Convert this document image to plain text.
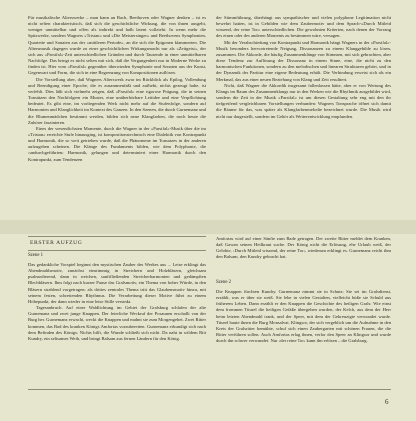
Für musikalische Alterswerke – man kann an Bach, Beethoven oder Wagner denken – ist es nicht selten charakteristisch, daß sich die geschichtliche Wirkung, die von ihnen ausgeht, weniger unmittelbar und offen als indirekt und halb latent vollzieht. In wenn mehr die Spitzwerke, sondern Wagners »Tristan« und »Die Meistersinger« und Beethovens Symphonien, Quartette und Sonaten aus der »mittleren Periode«, an die sich die Epigonen klammerten. Die Altersmusik dagegen wurde zu einer geschichtlichen Wirkungsmacht nur als »Zeitgeist«, der sich aus »Parsifal«-Zeit unterschiedlichen Gründen und durch Tausende in einer unmittelbaren Nachfolge. Das bringt es nicht selten mit sich, daß die Vergangenheit nur in Moderne Werke zu finden ist. Hier vom »Parsifal« gegenüber überwinden Symphonie und Sonaten aus der Kunst, Gegenwart und Form, die sich in eine Begrenzung von Kompositionen auflösen.

Die Vorstellung aber, daß Wagners Alterswerk zwar im Rückblick als Epilog, Vollendung und Beendigung einer Epoche, die es zusammenfaßt und aufhebt, nichts gezeugt habe, ist verfehlt. Dies läßt sich vielmehr zeigen, daß »Parsifal« eine rigorose Prägung, die in seinen Tonsätzen den Nachfolgern ein Muster, eine unüberhörbare Leitidee und eine Verpflichtung bedeutet. Es gibt eine, im vorliegenden Werk nicht mehr auf die Stufenfolge, sondern auf Harmonien und Klanglichkeit im Kontext des Ganzen. In den Szenen, die durch Gurnemanz und die Blumenmädchen bestimmt werden, bilden sich neue Klangfarben, die noch heute die Zuhörer faszinieren.

Eines der wesentlichsten Momente, durch die Wagner in der »Parsifal«-Musik über die im »Tristan« erreichte Stufe hinausging, ist kompositionstechnisch eine Dialektik von Kontrapunkt und Harmonik, die so weit getrieben wurde, daß die Phänomene im Tonsatzes in der anderen aufzugehen scheinen. Die Klänge des Fundaments bilden, wie dem Polyphonie, die ›undurchgeführten‹ Harmonik, gelungen und determiniert einer Harmonik durch den Kontrapunkt, zum Tendenzen

der Stimmführung, überhängt aus sympathischer und vielen polyphone Legitimation nicht bewehrt hatten, ist in Gebilden wie dem Zaubermotiv und dem Sprach-»Durch Mitleid wissend, der reine Tor« unterschiedlichen. Die gewohnten Kriterien, nach denen der Vorrang des einen oder des anderen Moments zu bestimmen wäre, versagen.

Mit der Verabschiedung von Kontrapunkt und Harmonik hängt Wagners in der »Parsifal«-Musik besonders hervortretende Neigung, Dissonanzen zu einem Klanggebilde zu lösen, zusammen. Die Akkorde, die häufig Zusammenklänge von Stimmen, mit sich gebrachten, aber diese Tendenz zur Auflösung der Dissonanz in einem Sinne, eine, die nicht zu den harmonischen Funktionen, sondern zu den melodischen und linearen Strukturen gehört, und in der Dynamik der Partitur eine eigene Bedeutung erhält. Die Verbindung erweist sich als ein Merkmal, das aus einer neuen Beziehung von Klang und Zeit resultiert.

Nicht, daß Wagner die Akkordik insgesamt fallenlassen hätte, aber er von Wertung des Klangs im Raum des Zusammenklangs nur in den Werken wie die Rhythmik ausgebildet wird, sondern die Zeit in der Musik »Parsifal« ist um diesen Gestaltung sehr eng mit den ihr tiefgreifend vergleichbaren Vorstellungen verbunden: Wagners Tonsprache öffnet sich damit die Räume für das, was später als Klangfarbenmelodie bezeichnet wurde. Die Musik wird nicht nur dargestellt, sondern im Gehör als Weiterentwicklung empfunden.

ERSTER AUFZUG
Szene 1

Das gedankliche Vorspiel beginnt den mystischen Zauber des Werkes aus ... Leise erklingt das Abendmahlsmotiv, zunächst einstimmig in Streichern und Holzbläsern, gleichsam psalmodierend, dann in weichen, sanftfließenden Streicherharmonien und gedämpften Blechbläsern. Ihm folgt nach kurzer Pause das Gralsmotiv, ein Thema von hoher Würde, in den Bläsern strahlend vorgetragen; als drittes zentrales Thema tritt das Glaubensmotiv hinzu, mit seinem festen, schreitenden Rhythmus. Die Verarbeitung dieser Motive führt zu einem Höhepunkt, der dann wieder in eine leise Stille versinkt.

Tagesanbruch. Auf einer Waldlichtung im Gebiet der Gralsburg schlafen der alte Gurnemanz und zwei junge Knappen. Der feierliche Weckruf der Posaunen erschallt von der Burg her. Gurnemanz erwacht, weckt die Knappen und mahnt sie zum Morgengebet. Zwei Ritter kommen, das Bad des kranken Königs Amfortas vorzubereiten. Gurnemanz erkundigt sich nach dem Befinden des Königs: Nichts hilft, die Wunde schließt sich nicht. Da naht in wildem Ritt Kundry, ein seltsames Weib, und bringt Balsam aus fernen Ländern für den König.

Amfortas wird auf einer Sänfte zum Bade getragen. Der zweite Ritter meldet dem Kranken, daß Gawan seinen Heilkraut suche. Der König nicht die Erlösung, ehe Urlaub weiß, der Gelobte, ›Durch Mitleid wissend, der reine Tor‹, wiederum erklingt es. Gurnemanz reicht ihm den Balsam, den Kundry gebracht hat.

Szene 2

Die Knappen fürchten Kundry. Gurnemanz nimmt sie in Schutz: Sie sei im Gralsdienst, erzählt, was er über sie weiß. Sie lebe in vielen Gestalten, vielleicht büße sie Schuld aus früherem Leben. Dann erzählt er den Knappen die Geschichte des heiligen Grals: Wie einst dem frommen Titurel die heiligen Gefäße übergeben wurden, der Kelch, aus dem der Herr beim letzten Abendmahl trank, und der Speer, mit dem der Gekreuzigte verwundet wurde. Titurel baute ihnen die Burg Monsalvat. Klingsor, der sich vergeblich um die Aufnahme in den Kreis der Gralsritter bemühte, schuf sich einen Zaubergarten mit schönen Frauen, die die Ritter verführen sollen. Auch Amfortas erlag ihnen, verlor den Speer an Klingsor und wurde durch ihn schwer verwundet. Nur ›der reine Tor‹ kann ihn erlösen – die Gralsburg.

6
